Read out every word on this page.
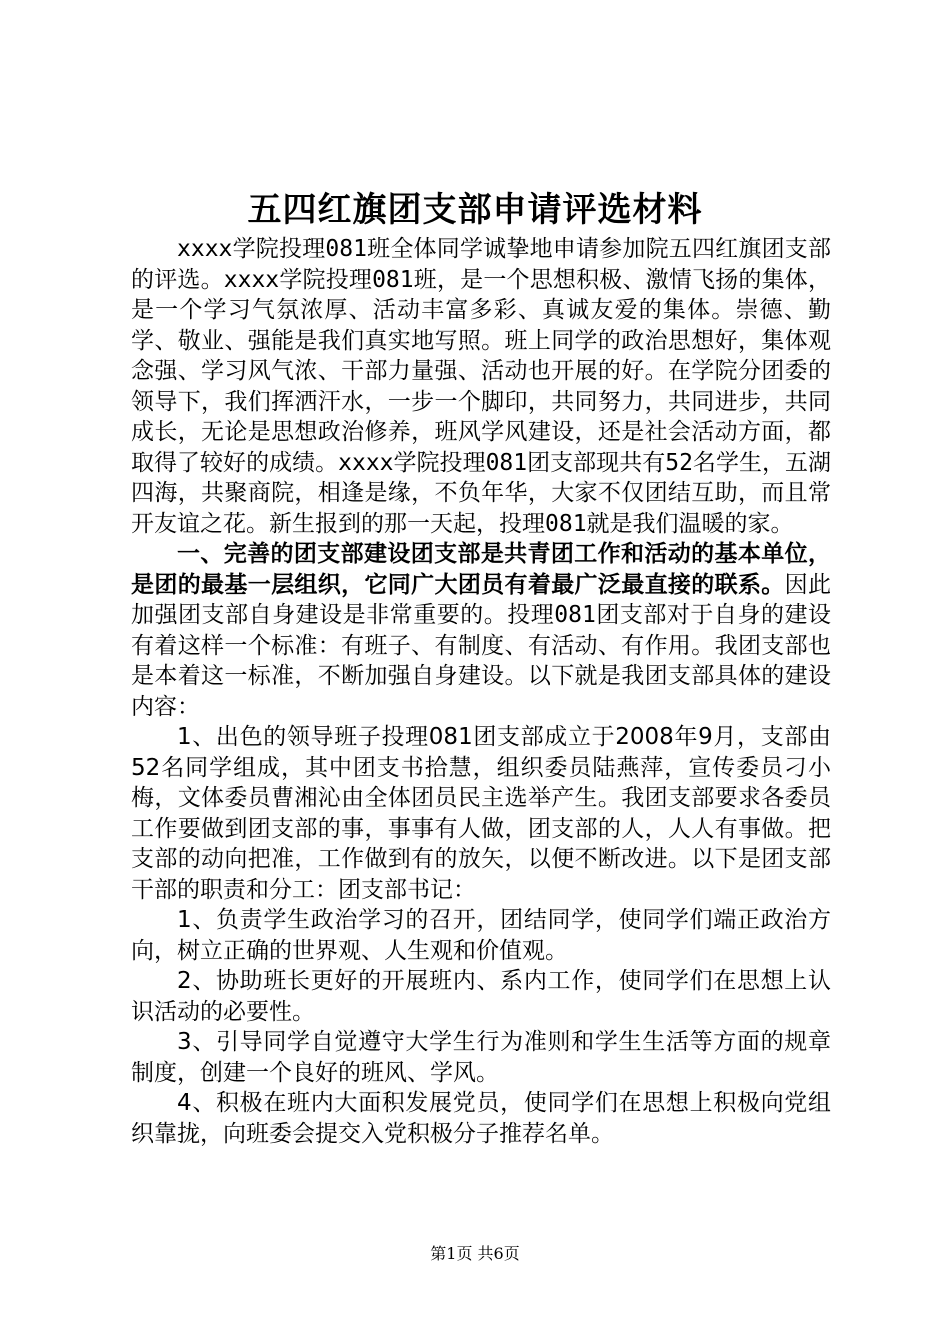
五四红旗团支部申请评选材料

xxxx学院投理081班全体同学诚挚地申请参加院五四红旗团支部的评选。xxxx学院投理081班，是一个思想积极、激情飞扬的集体，是一个学习气氛浓厚、活动丰富多彩、真诚友爱的集体。崇德、勤学、敬业、强能是我们真实地写照。班上同学的政治思想好，集体观念强、学习风气浓、干部力量强、活动也开展的好。在学院分团委的领导下，我们挥洒汗水，一步一个脚印，共同努力，共同进步，共同成长，无论是思想政治修养，班风学风建设，还是社会活动方面，都取得了较好的成绩。xxxx学院投理081团支部现共有52名学生，五湖四海，共聚商院，相逢是缘，不负年华，大家不仅团结互助，而且常开友谊之花。新生报到的那一天起，投理081就是我们温暖的家。

一、完善的团支部建设团支部是共青团工作和活动的基本单位，是团的最基一层组织，它同广大团员有着最广泛最直接的联系。因此加强团支部自身建设是非常重要的。投理081团支部对于自身的建设有着这样一个标准：有班子、有制度、有活动、有作用。我团支部也是本着这一标准，不断加强自身建设。以下就是我团支部具体的建设内容：

1、出色的领导班子投理081团支部成立于2008年9月，支部由52名同学组成，其中团支书拾慧，组织委员陆燕萍，宣传委员刁小梅，文体委员曹湘沁由全体团员民主选举产生。我团支部要求各委员工作要做到团支部的事，事事有人做，团支部的人，人人有事做。把支部的动向把准，工作做到有的放矢，以便不断改进。以下是团支部干部的职责和分工：团支部书记：

1、负责学生政治学习的召开，团结同学，使同学们端正政治方向，树立正确的世界观、人生观和价值观。

2、协助班长更好的开展班内、系内工作，使同学们在思想上认识活动的必要性。

3、引导同学自觉遵守大学生行为准则和学生生活等方面的规章制度，创建一个良好的班风、学风。

4、积极在班内大面积发展党员，使同学们在思想上积极向党组织靠拢，向班委会提交入党积极分子推荐名单。

第1页 共6页
